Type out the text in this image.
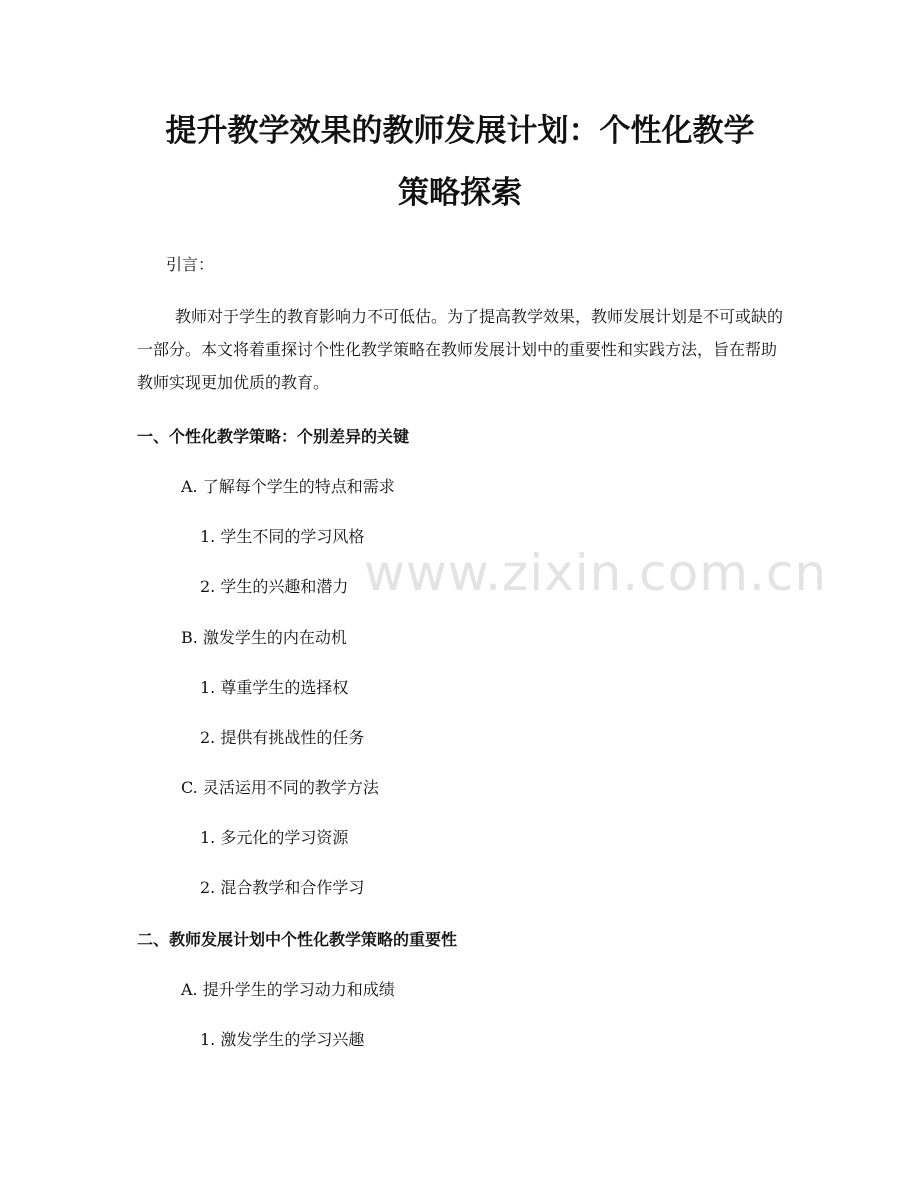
提升教学效果的教师发展计划：个性化教学
策略探索
引言：

教师对于学生的教育影响力不可低估。为了提高教学效果，教师发展计划是不可或缺的一部分。本文将着重探讨个性化教学策略在教师发展计划中的重要性和实践方法，旨在帮助教师实现更加优质的教育。

一、个性化教学策略：个别差异的关键
A. 了解每个学生的特点和需求
1. 学生不同的学习风格
2. 学生的兴趣和潜力
B. 激发学生的内在动机
1. 尊重学生的选择权
2. 提供有挑战性的任务
C. 灵活运用不同的教学方法
1. 多元化的学习资源
2. 混合教学和合作学习
二、教师发展计划中个性化教学策略的重要性
A. 提升学生的学习动力和成绩
1. 激发学生的学习兴趣
www.zixin.com.cn
